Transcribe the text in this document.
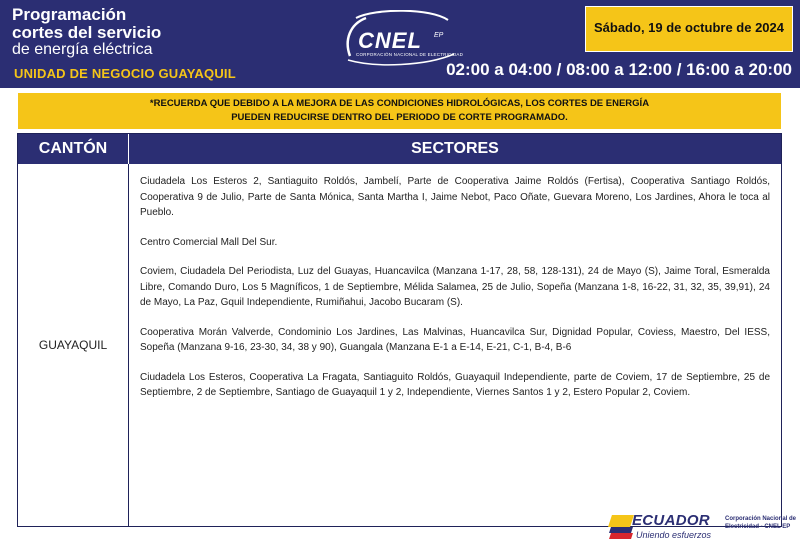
Programación
cortes del servicio
de energía eléctrica
UNIDAD DE NEGOCIO GUAYAQUIL
CNEL EP
CORPORACIÓN NACIONAL DE ELECTRICIDAD
Sábado, 19 de octubre de 2024
02:00 a 04:00 / 08:00 a 12:00 / 16:00 a 20:00
*RECUERDA QUE DEBIDO A LA MEJORA DE LAS CONDICIONES HIDROLÓGICAS, LOS CORTES DE ENERGÍA
PUEDEN REDUCIRSE DENTRO DEL PERIODO DE CORTE PROGRAMADO.
CANTÓN	SECTORES
GUAYAQUIL

Ciudadela Los Esteros 2, Santiaguito Roldós, Jambelí, Parte de Cooperativa Jaime Roldós (Fertisa), Cooperativa Santiago Roldós, Cooperativa 9 de Julio, Parte de Santa Mónica, Santa Martha I, Jaime Nebot, Paco Oñate, Guevara Moreno, Los Jardines, Ahora le toca al Pueblo.

Centro Comercial Mall Del Sur.

Coviem, Ciudadela Del Periodista, Luz del Guayas, Huancavilca (Manzana 1-17, 28, 58, 128-131), 24 de Mayo (S), Jaime Toral, Esmeralda Libre, Comando Duro, Los 5 Magníficos, 1 de Septiembre, Mélida Salamea, 25 de Julio, Sopeña (Manzana 1-8, 16-22, 31, 32, 35, 39,91), 24 de Mayo, La Paz, Gquil Independiente, Rumiñahui, Jacobo Bucaram (S).

Cooperativa Morán Valverde, Condominio Los Jardines, Las Malvinas, Huancavilca Sur, Dignidad Popular, Coviess, Maestro, Del IESS, Sopeña (Manzana 9-16, 23-30, 34, 38 y 90), Guangala (Manzana E-1 a E-14, E-21, C-1, B-4, B-6

Ciudadela Los Esteros, Cooperativa La Fragata, Santiaguito Roldós, Guayaquil Independiente, parte de Coviem, 17 de Septiembre, 25 de Septiembre, 2 de Septiembre, Santiago de Guayaquil 1 y 2, Independiente, Viernes Santos 1 y 2, Estero Popular 2, Coviem.

ECUADOR
Uniendo esfuerzos
Corporación Nacional de Electricidad - CNEL EP
